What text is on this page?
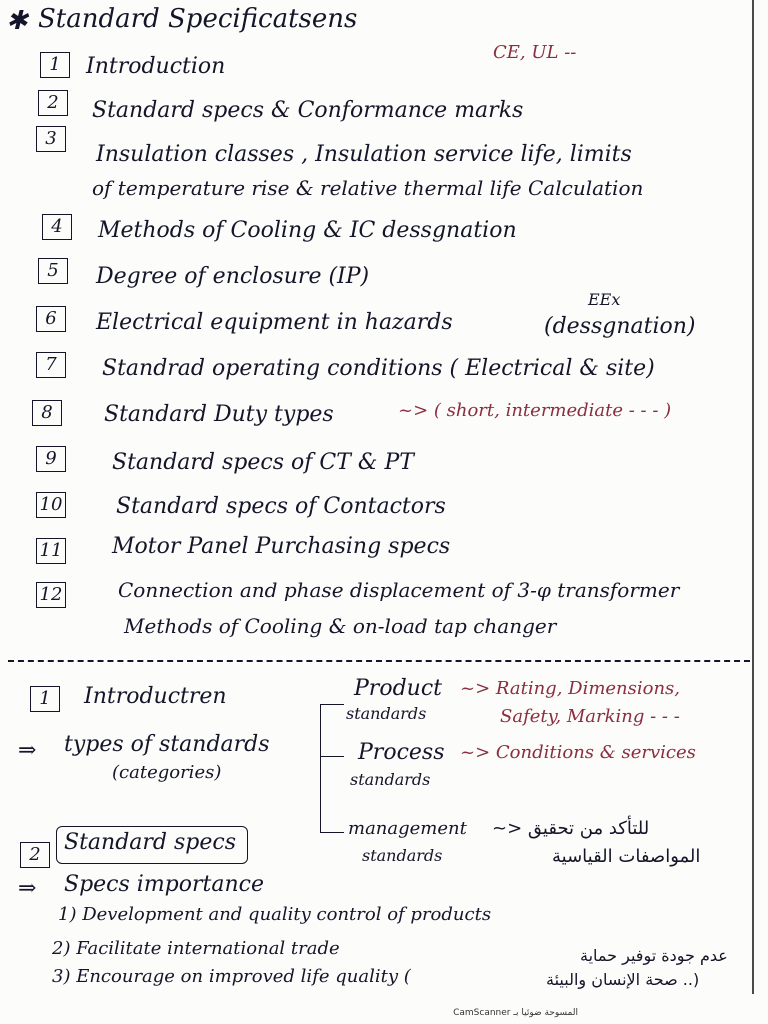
✱ Standard Specificatsens
CE, UL --
1	Introduction
2	Standard specs & Conformance marks
3
Insulation classes , Insulation service life, limits
of temperature rise & relative thermal life Calculation
4	Methods of Cooling & IC dessgnation
5	Degree of enclosure (IP)
6	Electrical equipment in hazards
EEx
(dessgnation)
7	Standrad operating conditions ( Electrical & site)
8	Standard Duty types	~> ( short, intermediate - - - )
9	Standard specs of CT & PT
10 Standard specs of Contactors
11 Motor Panel Purchasing specs
12	Connection and phase displacement of 3-φ transformer
Methods of Cooling & on-load tap changer
1	Introductren
⇒ types of standards
(categories)
Product
standards
~> Rating, Dimensions,
Safety, Marking - - -
Process
standards
~> Conditions & services
management
standards
~> للتأكد من تحقيق
المواصفات القياسية
2	Standard specs
⇒ Specs importance
1) Development and quality control of products
2) Facilitate international trade
3) Encourage on improved life quality (
عدم جودة توفير حماية
صحة الإنسان والبيئة ..)
CamScanner المسوحة ضوئيا بـ
